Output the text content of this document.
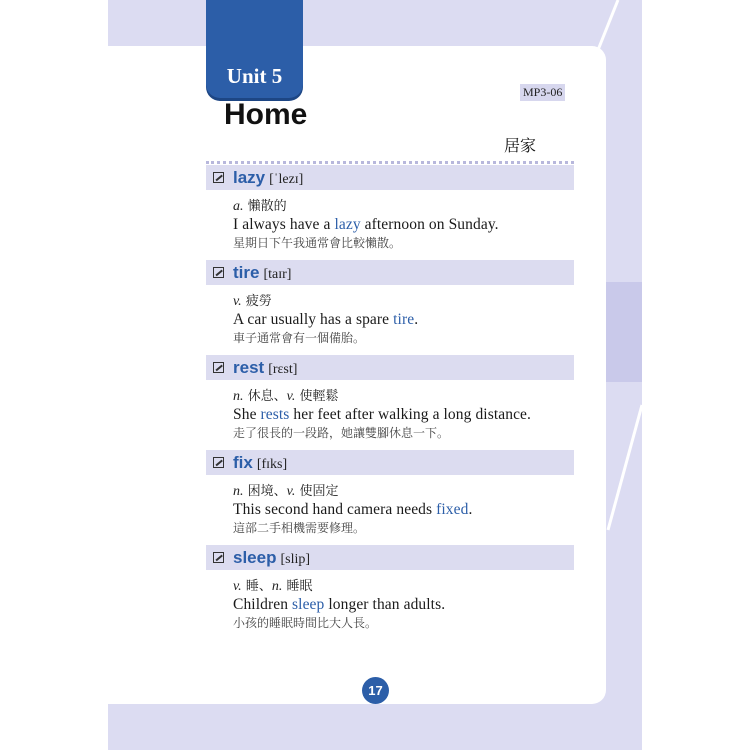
Unit 5
Home
MP3-06
居家
lazy [ˈlezɪ]
a. 懶散的
I always have a lazy afternoon on Sunday.
星期日下午我通常會比較懶散。
tire [taɪr]
v. 疲勞
A car usually has a spare tire.
車子通常會有一個備胎。
rest [rɛst]
n. 休息、v. 使輕鬆
She rests her feet after walking a long distance.
走了很長的一段路，她讓雙腳休息一下。
fix [fɪks]
n. 困境、v. 使固定
This second hand camera needs fixed.
這部二手相機需要修理。
sleep [slip]
v. 睡、n. 睡眠
Children sleep longer than adults.
小孩的睡眠時間比大人長。
17
